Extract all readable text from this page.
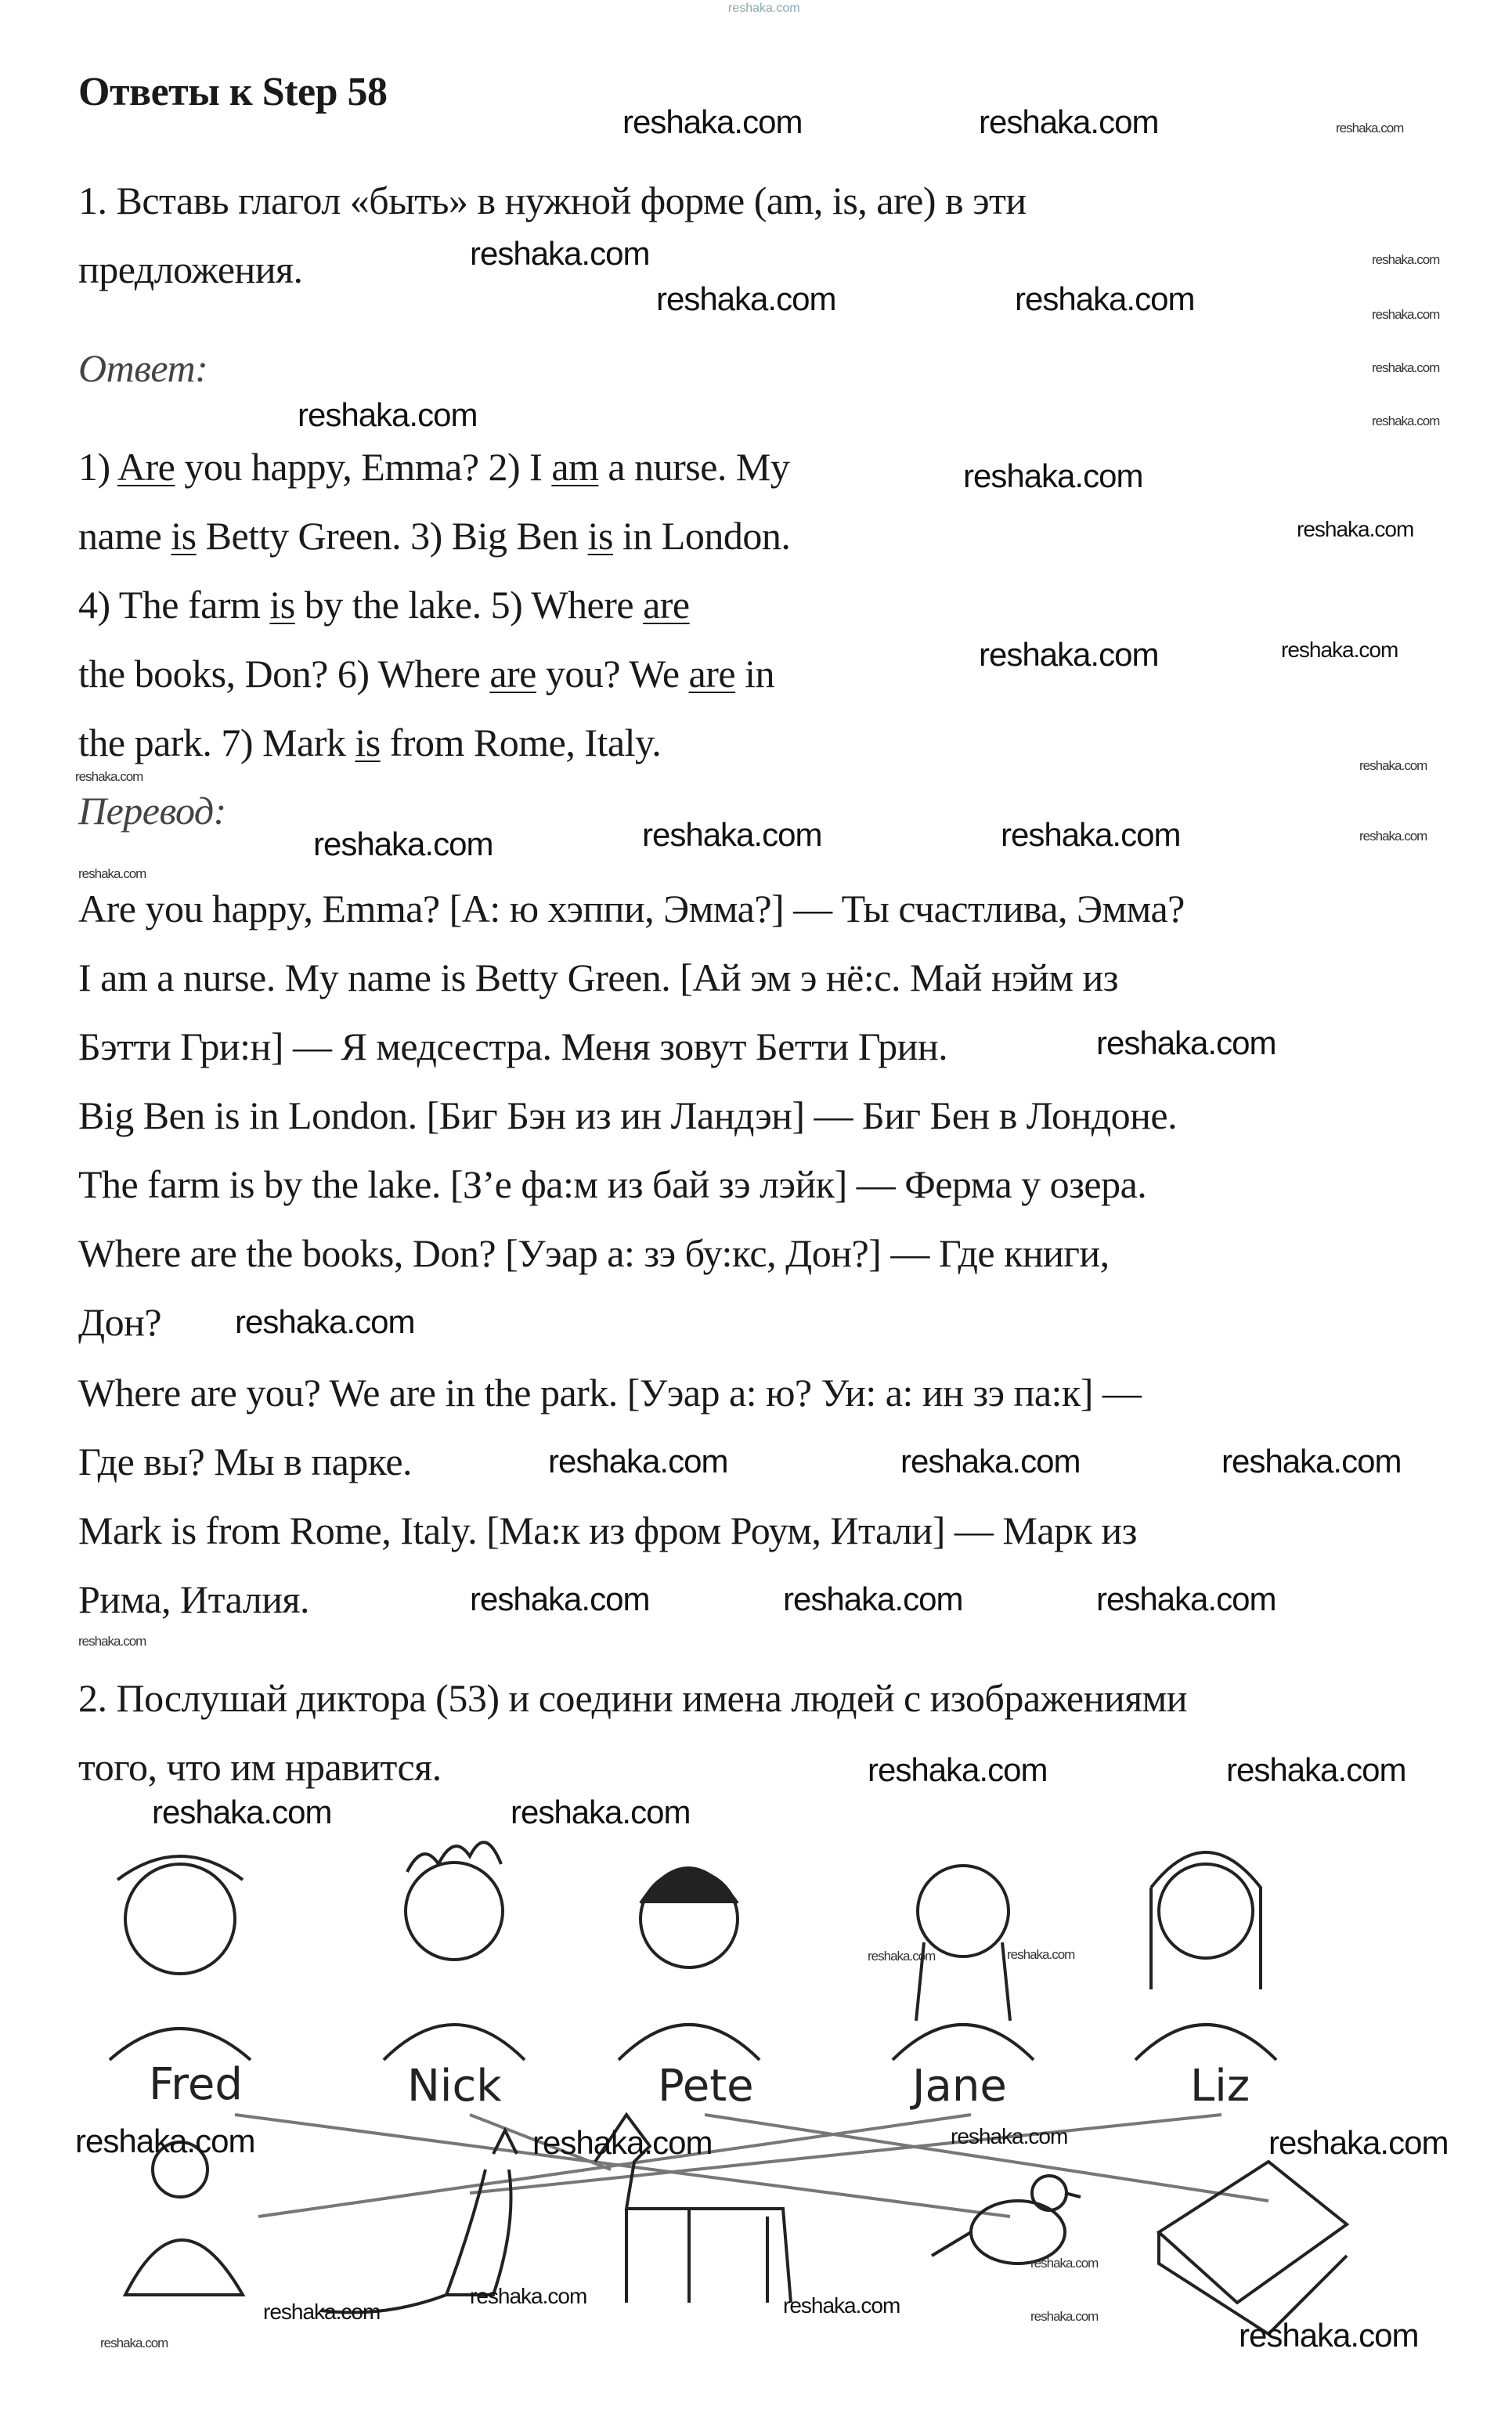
reshaka.com
Ответы к Step 58
1. Вставь глагол «быть» в нужной форме (am, is, are) в эти
предложения.
Ответ:
1) Are you happy, Emma? 2) I am a nurse. My
name is Betty Green. 3) Big Ben is in London.
4) The farm is by the lake. 5) Where are
the books, Don? 6) Where are you? We are in
the park. 7) Mark is from Rome, Italy.
Перевод:
Are you happy, Emma? [А: ю хэппи, Эмма?] — Ты счастлива, Эмма?
I am a nurse. My name is Betty Green. [Ай эм э нё:с. Май нэйм из
Бэтти Гри:н] — Я медсестра. Меня зовут Бетти Грин.
Big Ben is in London. [Биг Бэн из ин Ландэн] — Биг Бен в Лондоне.
The farm is by the lake. [З’е фа:м из бай зэ лэйк] — Ферма у озера.
Where are the books, Don? [Уэар а: зэ бу:кс, Дон?] — Где книги,
Дон?
Where are you? We are in the park. [Уэар а: ю? Уи: а: ин зэ па:к] —
Где вы? Мы в парке.
Mark is from Rome, Italy. [Ма:к из фром Роум, Итали] — Марк из
Рима, Италия.
2. Послушай диктора (53) и соедини имена людей с изображениями
того, что им нравится.
Fred	Nick	Pete	Jane	Liz
reshaka.com	reshaka.com	reshaka.com
reshaka.com
reshaka.com	reshaka.com
reshaka.com
reshaka.com
reshaka.com
reshaka.com
reshaka.com
reshaka.com
reshaka.com
reshaka.com	reshaka.com
reshaka.com
reshaka.com
reshaka.com	reshaka.com
reshaka.com	reshaka.com
reshaka.com
reshaka.com
reshaka.com
reshaka.com	reshaka.com	reshaka.com
reshaka.com	reshaka.com	reshaka.com
reshaka.com
reshaka.com	reshaka.com
reshaka.com	reshaka.com
reshaka.com	reshaka.com
reshaka.com	reshaka.com	reshaka.com	reshaka.com
reshaka.com
reshaka.com	reshaka.com
reshaka.com
reshaka.com
reshaka.com	reshaka.com
